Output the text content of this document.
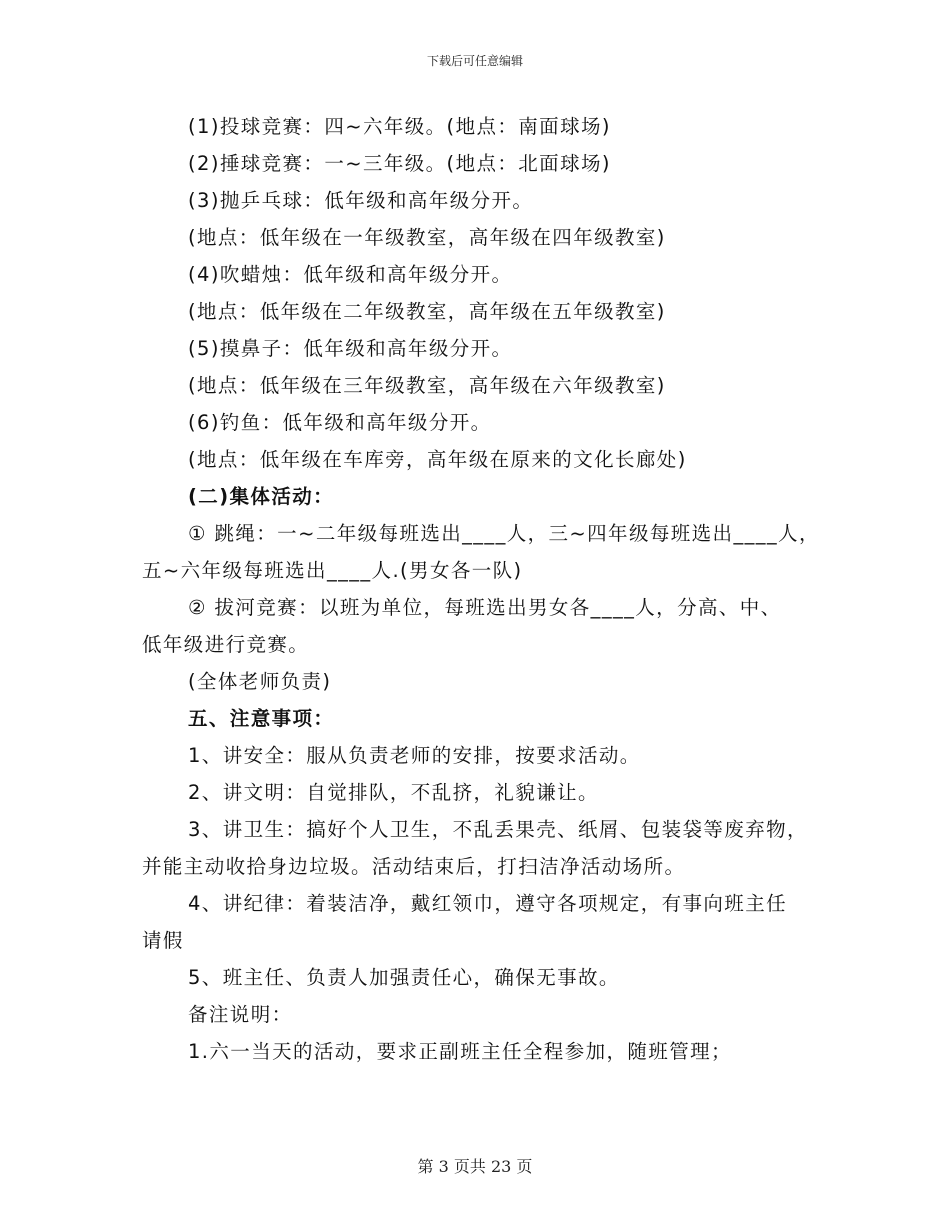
下载后可任意编辑
(1)投球竞赛：四~六年级。(地点：南面球场)
(2)捶球竞赛：一~三年级。(地点：北面球场)
(3)抛乒乓球：低年级和高年级分开。
(地点：低年级在一年级教室，高年级在四年级教室)
(4)吹蜡烛：低年级和高年级分开。
(地点：低年级在二年级教室，高年级在五年级教室)
(5)摸鼻子：低年级和高年级分开。
(地点：低年级在三年级教室，高年级在六年级教室)
(6)钓鱼：低年级和高年级分开。
(地点：低年级在车库旁，高年级在原来的文化长廊处)
(二)集体活动：
① 跳绳：一~二年级每班选出____人，三~四年级每班选出____人，
五~六年级每班选出____人.(男女各一队)
② 拔河竞赛：以班为单位，每班选出男女各____人，分高、中、
低年级进行竞赛。
(全体老师负责)
五、注意事项：
1、讲安全：服从负责老师的安排，按要求活动。
2、讲文明：自觉排队，不乱挤，礼貌谦让。
3、讲卫生：搞好个人卫生，不乱丢果壳、纸屑、包装袋等废弃物，
并能主动收拾身边垃圾。活动结束后，打扫洁净活动场所。
4、讲纪律：着装洁净，戴红领巾，遵守各项规定，有事向班主任
请假
5、班主任、负责人加强责任心，确保无事故。
备注说明：
1.六一当天的活动，要求正副班主任全程参加，随班管理；
第 3 页共 23 页
